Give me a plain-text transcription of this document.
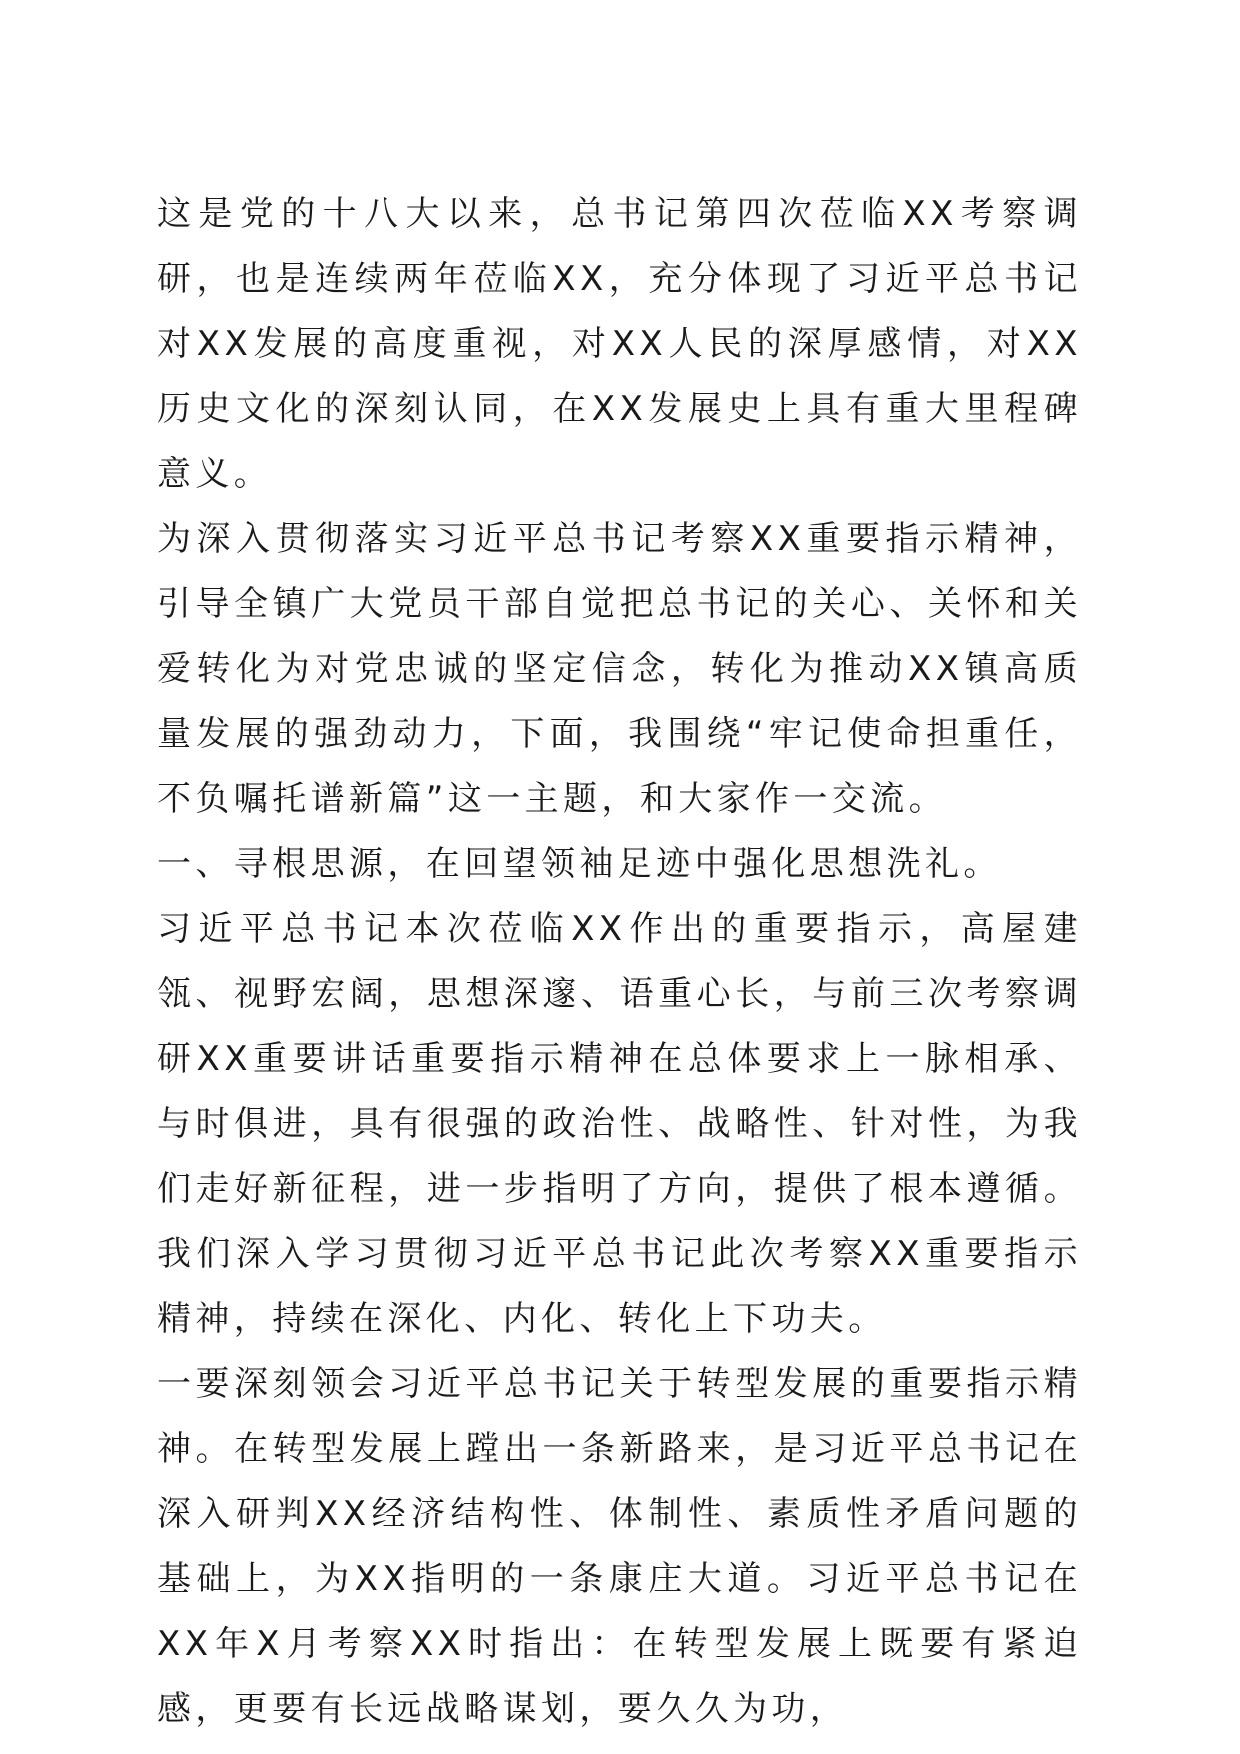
这是党的十八大以来，总书记第四次莅临XX考察调研，也是连续两年莅临XX，充分体现了习近平总书记对XX发展的高度重视，对XX人民的深厚感情，对XX历史文化的深刻认同，在XX发展史上具有重大里程碑意义。

为深入贯彻落实习近平总书记考察XX重要指示精神，引导全镇广大党员干部自觉把总书记的关心、关怀和关爱转化为对党忠诚的坚定信念，转化为推动XX镇高质量发展的强劲动力，下面，我围绕“牢记使命担重任，不负嘱托谱新篇”这一主题，和大家作一交流。

一、寻根思源，在回望领袖足迹中强化思想洗礼。

习近平总书记本次莅临XX作出的重要指示，高屋建瓴、视野宏阔，思想深邃、语重心长，与前三次考察调研XX重要讲话重要指示精神在总体要求上一脉相承、与时俱进，具有很强的政治性、战略性、针对性，为我们走好新征程，进一步指明了方向，提供了根本遵循。我们深入学习贯彻习近平总书记此次考察XX重要指示精神，持续在深化、内化、转化上下功夫。

一要深刻领会习近平总书记关于转型发展的重要指示精神。在转型发展上蹚出一条新路来，是习近平总书记在深入研判XX经济结构性、体制性、素质性矛盾问题的基础上，为XX指明的一条康庄大道。习近平总书记在XX年X月考察XX时指出：在转型发展上既要有紧迫感，更要有长远战略谋划，要久久为功，
